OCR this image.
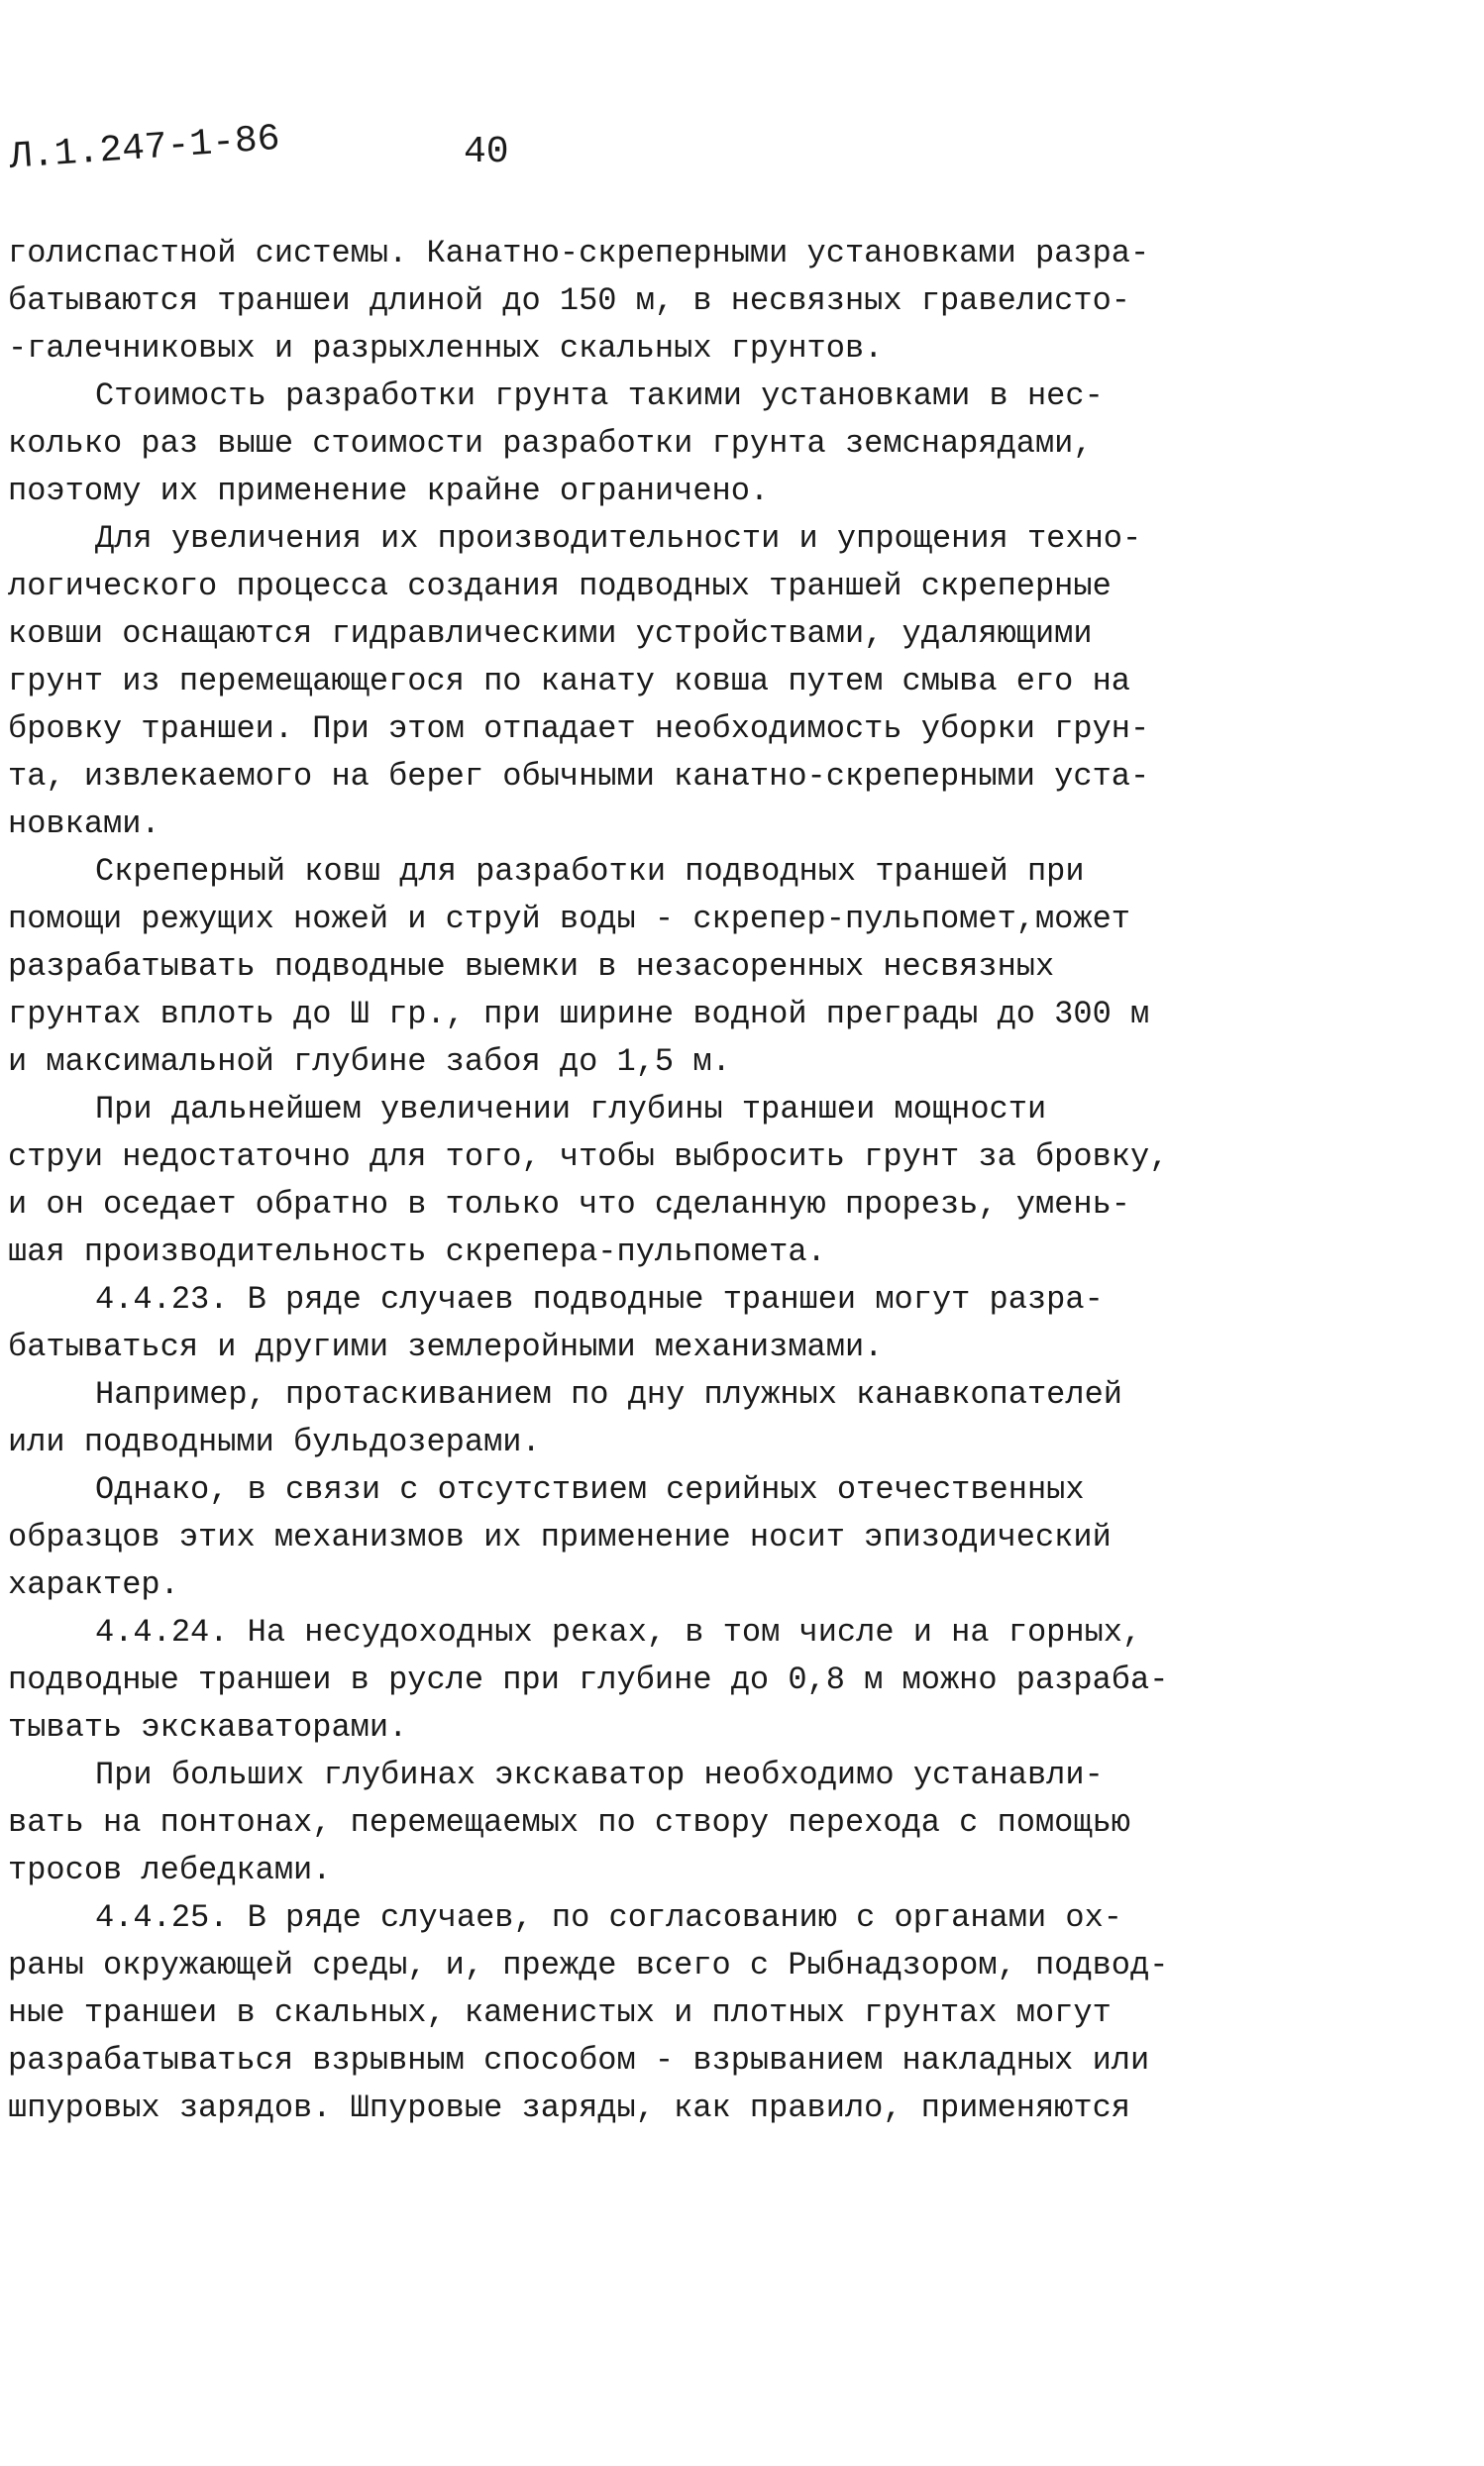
Л.1.247-1-86	40
голиспастной системы. Канатно-скреперными установками разра-
батываются траншеи длиной до 150 м, в несвязных гравелисто-
-галечниковых и разрыхленных скальных грунтов.
Стоимость разработки грунта такими установками в нес-
колько раз выше стоимости разработки грунта земснарядами,
поэтому их применение крайне ограничено.
Для увеличения их производительности и упрощения техно-
логического процесса создания подводных траншей скреперные
ковши оснащаются гидравлическими устройствами, удаляющими
грунт из перемещающегося по канату ковша путем смыва его на
бровку траншеи. При этом отпадает необходимость уборки грун-
та, извлекаемого на берег обычными канатно-скреперными уста-
новками.
Скреперный ковш для разработки подводных траншей при
помощи режущих ножей и струй воды - скрепер-пульпомет,может
разрабатывать подводные выемки в незасоренных несвязных
грунтах вплоть до Ш гр., при ширине водной преграды до 300 м
и максимальной глубине забоя до 1,5 м.
При дальнейшем увеличении глубины траншеи мощности
струи недостаточно для того, чтобы выбросить грунт за бровку,
и он оседает обратно в только что сделанную прорезь, умень-
шая производительность скрепера-пульпомета.
4.4.23. В ряде случаев подводные траншеи могут разра-
батываться и другими землеройными механизмами.
Например, протаскиванием по дну плужных канавкопателей
или подводными бульдозерами.
Однако, в связи с отсутствием серийных отечественных
образцов этих механизмов их применение носит эпизодический
характер.
4.4.24. На несудоходных реках, в том числе и на горных,
подводные траншеи в русле при глубине до 0,8 м можно разраба-
тывать экскаваторами.
При больших глубинах экскаватор необходимо устанавли-
вать на понтонах, перемещаемых по створу перехода с помощью
тросов лебедками.
4.4.25. В ряде случаев, по согласованию с органами ох-
раны окружающей среды, и, прежде всего с Рыбнадзором, подвод-
ные траншеи в скальных, каменистых и плотных грунтах могут
разрабатываться взрывным способом - взрыванием накладных или
шпуровых зарядов. Шпуровые заряды, как правило, применяются
